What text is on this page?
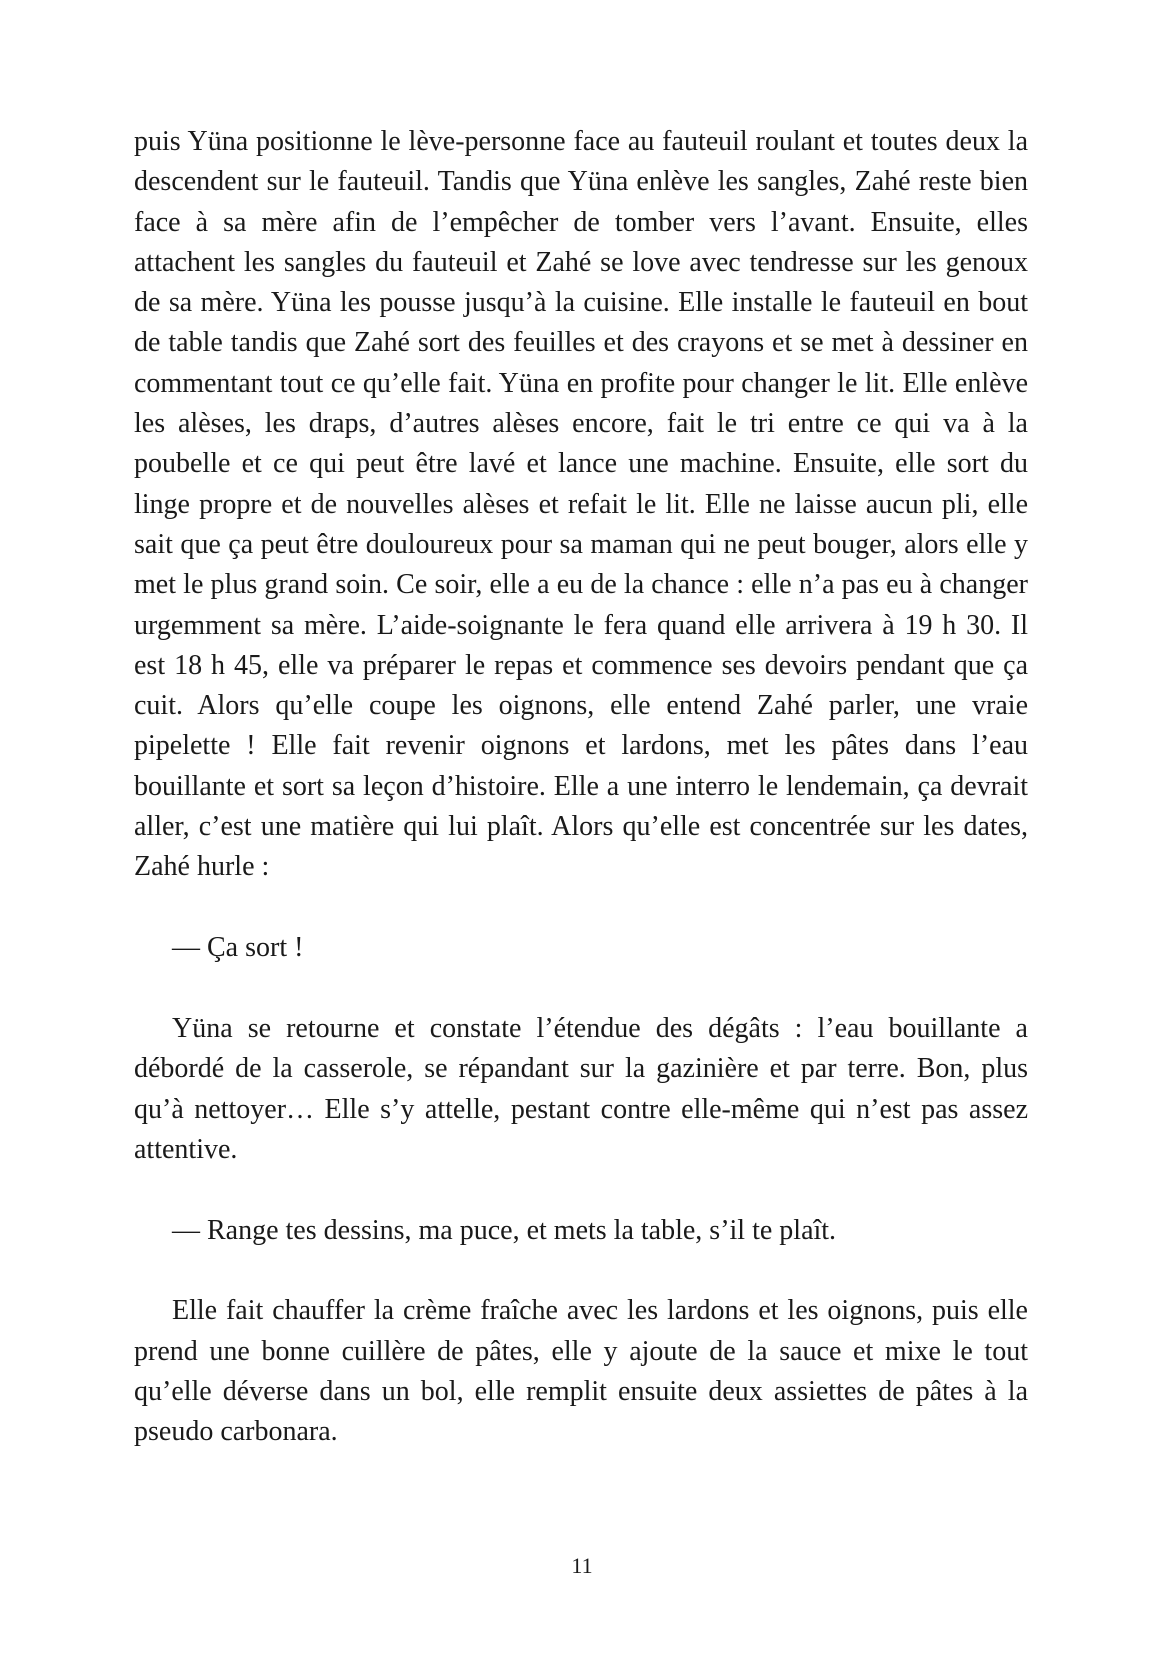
puis Yüna positionne le lève-personne face au fauteuil roulant et toutes deux la descendent sur le fauteuil. Tandis que Yüna enlève les sangles, Zahé reste bien face à sa mère afin de l’empêcher de tomber vers l’avant. Ensuite, elles attachent les sangles du fauteuil et Zahé se love avec tendresse sur les genoux de sa mère. Yüna les pousse jusqu’à la cuisine. Elle installe le fauteuil en bout de table tandis que Zahé sort des feuilles et des crayons et se met à dessiner en commentant tout ce qu’elle fait. Yüna en profite pour changer le lit. Elle enlève les alèses, les draps, d’autres alèses encore, fait le tri entre ce qui va à la poubelle et ce qui peut être lavé et lance une machine. Ensuite, elle sort du linge propre et de nouvelles alèses et refait le lit. Elle ne laisse aucun pli, elle sait que ça peut être douloureux pour sa maman qui ne peut bouger, alors elle y met le plus grand soin. Ce soir, elle a eu de la chance : elle n’a pas eu à changer urgemment sa mère. L’aide-soignante le fera quand elle arrivera à 19 h 30. Il est 18 h 45, elle va préparer le repas et commence ses devoirs pendant que ça cuit. Alors qu’elle coupe les oignons, elle entend Zahé parler, une vraie pipelette ! Elle fait revenir oignons et lardons, met les pâtes dans l’eau bouillante et sort sa leçon d’histoire. Elle a une interro le lendemain, ça devrait aller, c’est une matière qui lui plaît. Alors qu’elle est concentrée sur les dates, Zahé hurle :

— Ça sort !

Yüna se retourne et constate l’étendue des dégâts : l’eau bouillante a débordé de la casserole, se répandant sur la gazinière et par terre. Bon, plus qu’à nettoyer… Elle s’y attelle, pestant contre elle-même qui n’est pas assez attentive.

— Range tes dessins, ma puce, et mets la table, s’il te plaît.

Elle fait chauffer la crème fraîche avec les lardons et les oignons, puis elle prend une bonne cuillère de pâtes, elle y ajoute de la sauce et mixe le tout qu’elle déverse dans un bol, elle remplit ensuite deux assiettes de pâtes à la pseudo carbonara.

11
